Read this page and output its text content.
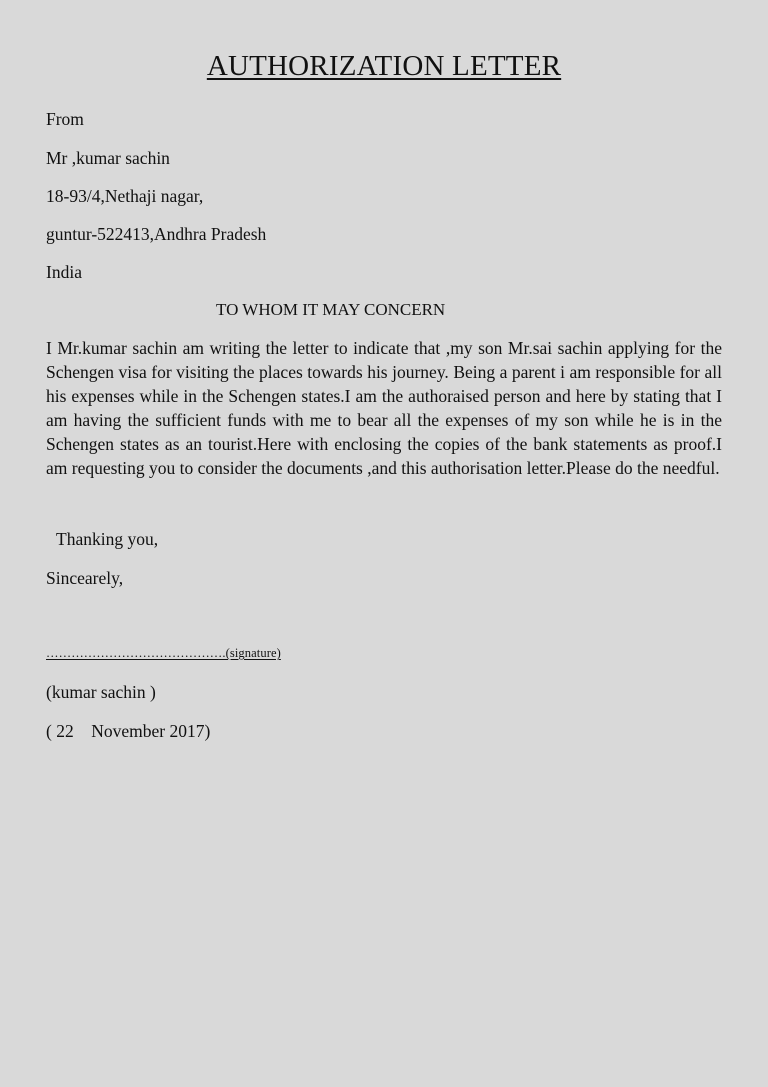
AUTHORIZATION LETTER
From
Mr ,kumar sachin
18-93/4,Nethaji nagar,
guntur-522413,Andhra Pradesh
India
TO WHOM IT MAY CONCERN

I Mr.kumar sachin am writing the letter to indicate that ,my son Mr.sai sachin applying for the Schengen visa for visiting the places towards his journey. Being a parent i am responsible for all his expenses while in the Schengen states.I am the authoraised person and here by stating that I am having the sufficient funds with me to bear all the expenses of my son while he is in the Schengen states as an tourist.Here with enclosing the copies of the bank statements as proof.I am requesting you to consider the documents ,and this authorisation letter.Please do the needful.

Thanking you,
Sincearely,
…………………………………….(signature)
(kumar sachin )
( 22    November 2017)
